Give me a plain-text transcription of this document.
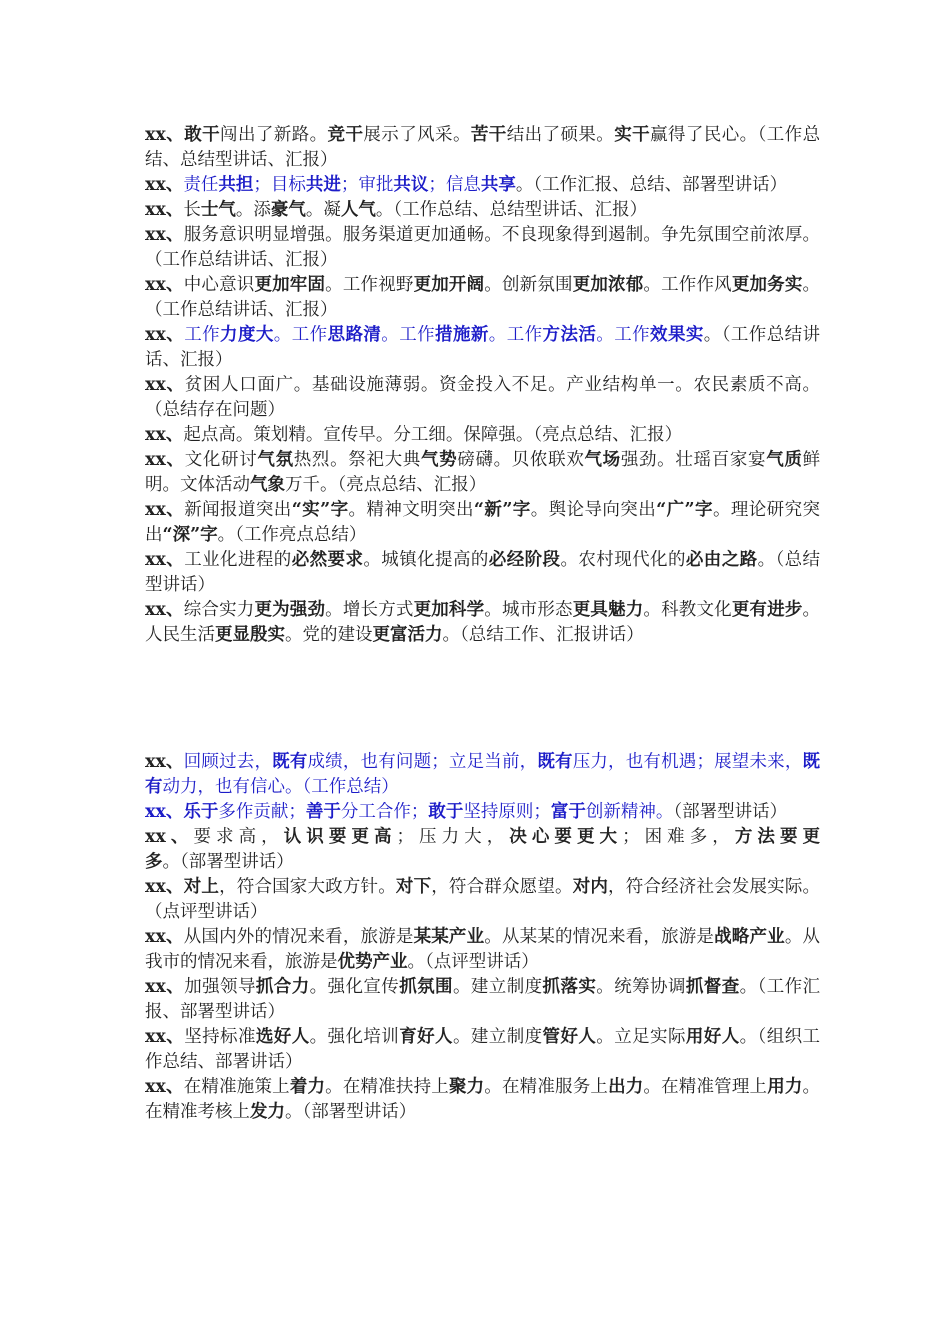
xx、敢干闯出了新路。竞干展示了风采。苦干结出了硕果。实干赢得了民心。（工作总结、总结型讲话、汇报）

xx、责任共担；目标共进；审批共议；信息共享。（工作汇报、总结、部署型讲话）

xx、长士气。添豪气。凝人气。（工作总结、总结型讲话、汇报）

xx、服务意识明显增强。服务渠道更加通畅。不良现象得到遏制。争先氛围空前浓厚。（工作总结讲话、汇报）

xx、中心意识更加牢固。工作视野更加开阔。创新氛围更加浓郁。工作作风更加务实。（工作总结讲话、汇报）

xx、工作力度大。工作思路清。工作措施新。工作方法活。工作效果实。（工作总结讲话、汇报）

xx、贫困人口面广。基础设施薄弱。资金投入不足。产业结构单一。农民素质不高。（总结存在问题）

xx、起点高。策划精。宣传早。分工细。保障强。（亮点总结、汇报）

xx、文化研讨气氛热烈。祭祀大典气势磅礴。贝侬联欢气场强劲。壮瑶百家宴气质鲜明。文体活动气象万千。（亮点总结、汇报）

xx、新闻报道突出“实”字。精神文明突出“新”字。舆论导向突出“广”字。理论研究突出“深”字。（工作亮点总结）

xx、工业化进程的必然要求。城镇化提高的必经阶段。农村现代化的必由之路。（总结型讲话）

xx、综合实力更为强劲。增长方式更加科学。城市形态更具魅力。科教文化更有进步。人民生活更显殷实。党的建设更富活力。（总结工作、汇报讲话）

xx、回顾过去，既有成绩，也有问题；立足当前，既有压力，也有机遇；展望未来，既有动力，也有信心。（工作总结）

xx、乐于多作贡献；善于分工合作；敢于坚持原则；富于创新精神。（部署型讲话）

xx、要求高，认识要更高；压力大，决心要更大；困难多，方法要更多。（部署型讲话）

xx、对上，符合国家大政方针。对下，符合群众愿望。对内，符合经济社会发展实际。（点评型讲话）

xx、从国内外的情况来看，旅游是某某产业。从某某的情况来看，旅游是战略产业。从我市的情况来看，旅游是优势产业。（点评型讲话）

xx、加强领导抓合力。强化宣传抓氛围。建立制度抓落实。统筹协调抓督查。（工作汇报、部署型讲话）

xx、坚持标准选好人。强化培训育好人。建立制度管好人。立足实际用好人。（组织工作总结、部署讲话）

xx、在精准施策上着力。在精准扶持上聚力。在精准服务上出力。在精准管理上用力。在精准考核上发力。（部署型讲话）
